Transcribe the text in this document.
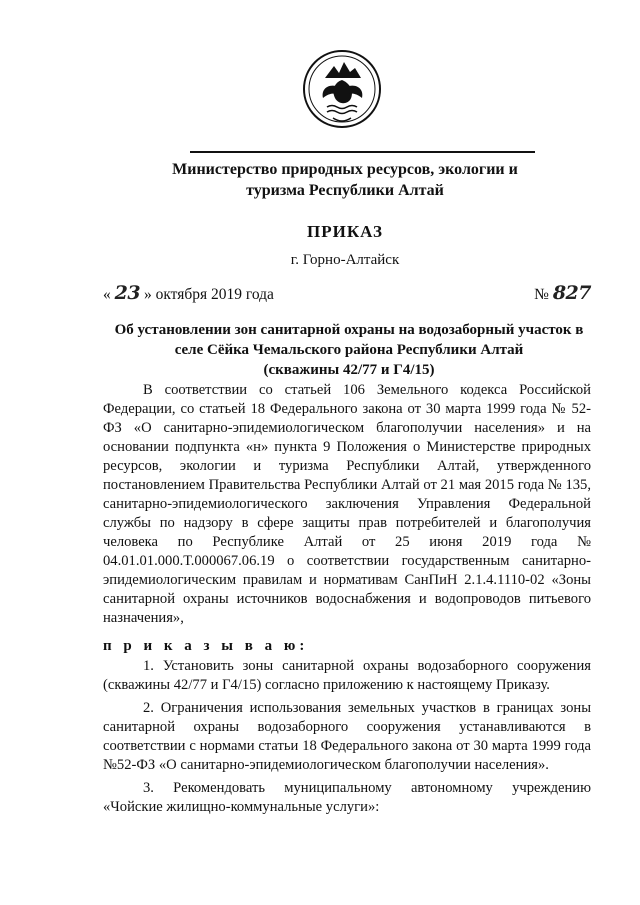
Министерство природных ресурсов, экологии и
туризма Республики Алтай
ПРИКАЗ
г. Горно-Алтайск
« 23 » октября 2019 года	№ 827
Об установлении зон санитарной охраны на водозаборный участок в
селе Сёйка Чемальского района Республики Алтай
(скважины 42/77 и Г4/15)
В соответствии со статьей 106 Земельного кодекса Российской Федерации, со статьей 18 Федерального закона от 30 марта 1999 года № 52-ФЗ «О санитарно-эпидемиологическом благополучии населения» и на основании подпункта «н» пункта 9 Положения о Министерстве природных ресурсов, экологии и туризма Республики Алтай, утвержденного постановлением Правительства Республики Алтай от 21 мая 2015 года № 135, санитарно-эпидемиологического заключения Управления Федеральной службы по надзору в сфере защиты прав потребителей и благополучия человека по Республике Алтай от 25 июня 2019 года № 04.01.01.000.Т.000067.06.19 о соответствии государственным санитарно-эпидемиологическим правилам и нормативам СанПиН 2.1.4.1110-02 «Зоны санитарной охраны источников водоснабжения и водопроводов питьевого назначения»,
п р и к а з ы в а ю:

1. Установить зоны санитарной охраны водозаборного сооружения (скважины 42/77 и Г4/15) согласно приложению к настоящему Приказу.

2. Ограничения использования земельных участков в границах зоны санитарной охраны водозаборного сооружения устанавливаются в соответствии с нормами статьи 18 Федерального закона от 30 марта 1999 года №52-ФЗ «О санитарно-эпидемиологическом благополучии населения».

3. Рекомендовать муниципальному автономному учреждению «Чойские жилищно-коммунальные услуги»:
